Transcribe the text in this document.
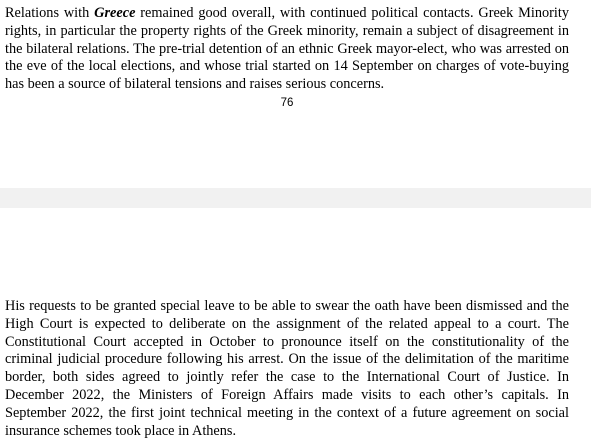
Relations with Greece remained good overall, with continued political contacts. Greek Minority rights, in particular the property rights of the Greek minority, remain a subject of disagreement in the bilateral relations. The pre-trial detention of an ethnic Greek mayor-elect, who was arrested on the eve of the local elections, and whose trial started on 14 September on charges of vote-buying has been a source of bilateral tensions and raises serious concerns.

76

His requests to be granted special leave to be able to swear the oath have been dismissed and the High Court is expected to deliberate on the assignment of the related appeal to a court. The Constitutional Court accepted in October to pronounce itself on the constitutionality of the criminal judicial procedure following his arrest. On the issue of the delimitation of the maritime border, both sides agreed to jointly refer the case to the International Court of Justice. In December 2022, the Ministers of Foreign Affairs made visits to each other’s capitals. In September 2022, the first joint technical meeting in the context of a future agreement on social insurance schemes took place in Athens.
